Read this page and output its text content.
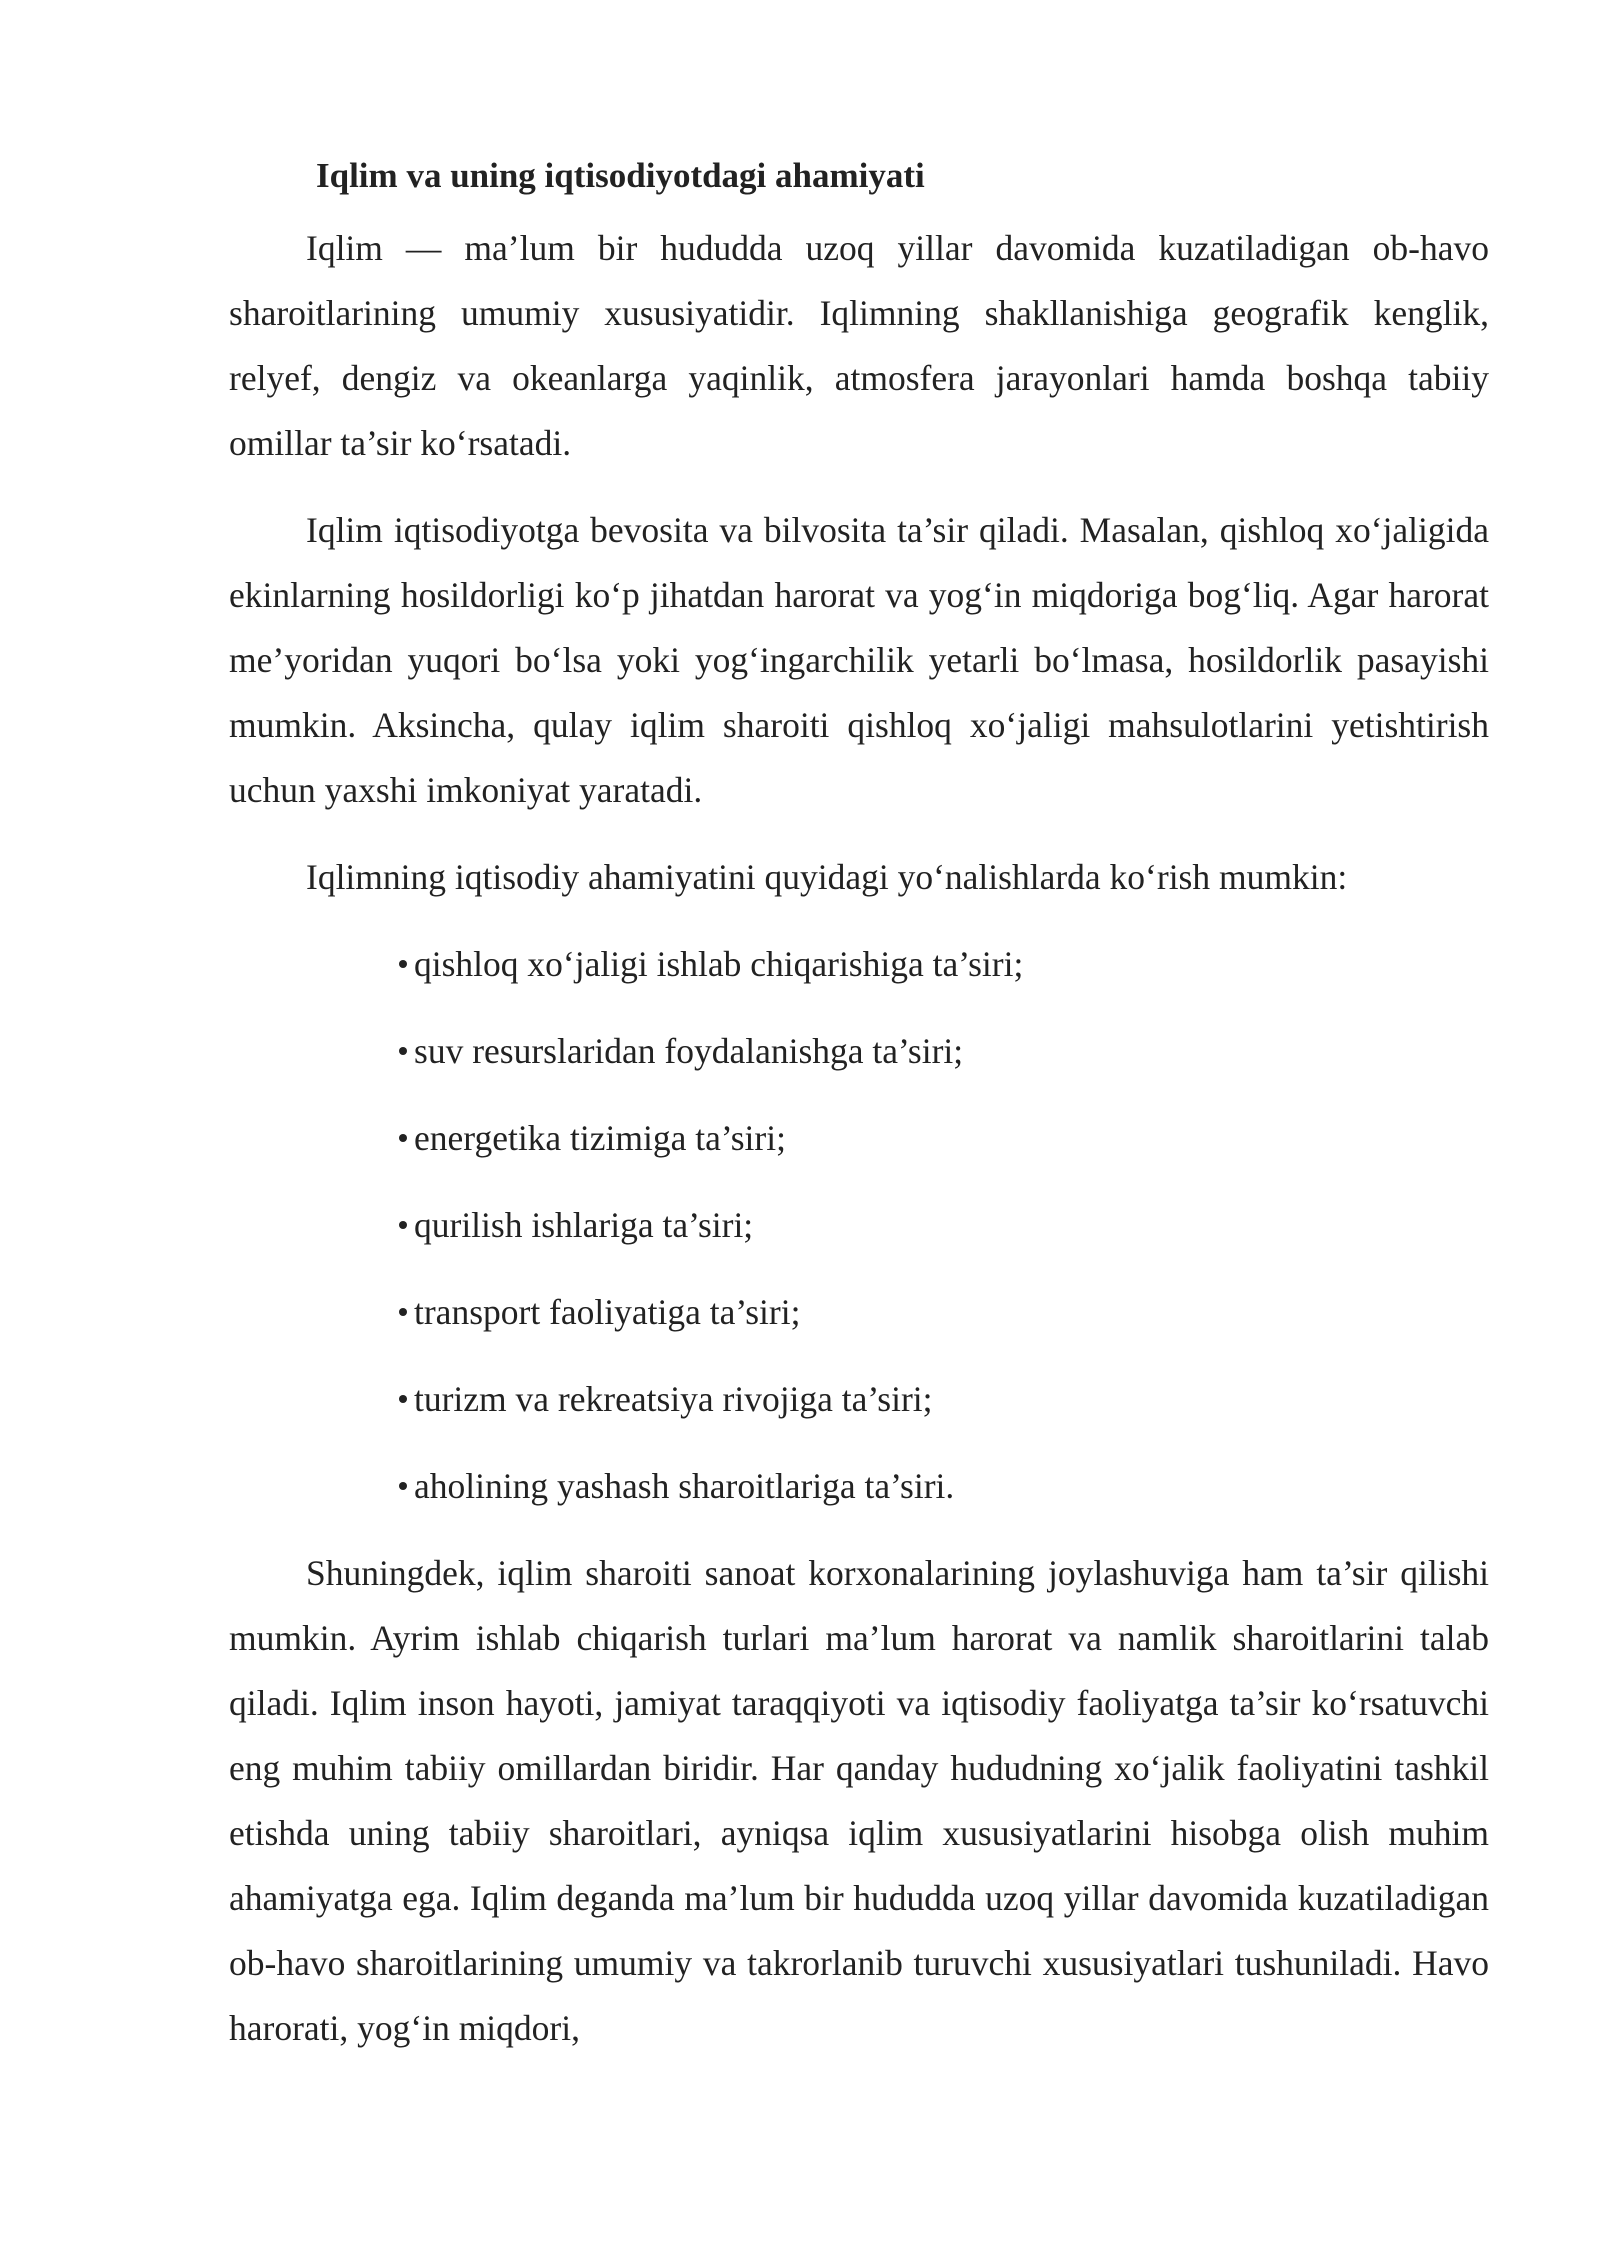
Iqlim va uning iqtisodiyotdagi ahamiyati

Iqlim — ma’lum bir hududda uzoq yillar davomida kuzatiladigan ob-havo sharoitlarining umumiy xususiyatidir. Iqlimning shakllanishiga geografik kenglik, relyef, dengiz va okeanlarga yaqinlik, atmosfera jarayonlari hamda boshqa tabiiy omillar ta’sir ko‘rsatadi.

Iqlim iqtisodiyotga bevosita va bilvosita ta’sir qiladi. Masalan, qishloq xo‘jaligida ekinlarning hosildorligi ko‘p jihatdan harorat va yog‘in miqdoriga bog‘liq. Agar harorat me’yoridan yuqori bo‘lsa yoki yog‘ingarchilik yetarli bo‘lmasa, hosildorlik pasayishi mumkin. Aksincha, qulay iqlim sharoiti qishloq xo‘jaligi mahsulotlarini yetishtirish uchun yaxshi imkoniyat yaratadi.

Iqlimning iqtisodiy ahamiyatini quyidagi yo‘nalishlarda ko‘rish mumkin:

qishloq xo‘jaligi ishlab chiqarishiga ta’siri;
suv resurslaridan foydalanishga ta’siri;
energetika tizimiga ta’siri;
qurilish ishlariga ta’siri;
transport faoliyatiga ta’siri;
turizm va rekreatsiya rivojiga ta’siri;
aholining yashash sharoitlariga ta’siri.

Shuningdek, iqlim sharoiti sanoat korxonalarining joylashuviga ham ta’sir qilishi mumkin. Ayrim ishlab chiqarish turlari ma’lum harorat va namlik sharoitlarini talab qiladi. Iqlim inson hayoti, jamiyat taraqqiyoti va iqtisodiy faoliyatga ta’sir ko‘rsatuvchi eng muhim tabiiy omillardan biridir. Har qanday hududning xo‘jalik faoliyatini tashkil etishda uning tabiiy sharoitlari, ayniqsa iqlim xususiyatlarini hisobga olish muhim ahamiyatga ega. Iqlim deganda ma’lum bir hududda uzoq yillar davomida kuzatiladigan ob-havo sharoitlarining umumiy va takrorlanib turuvchi xususiyatlari tushuniladi. Havo harorati, yog‘in miqdori,
